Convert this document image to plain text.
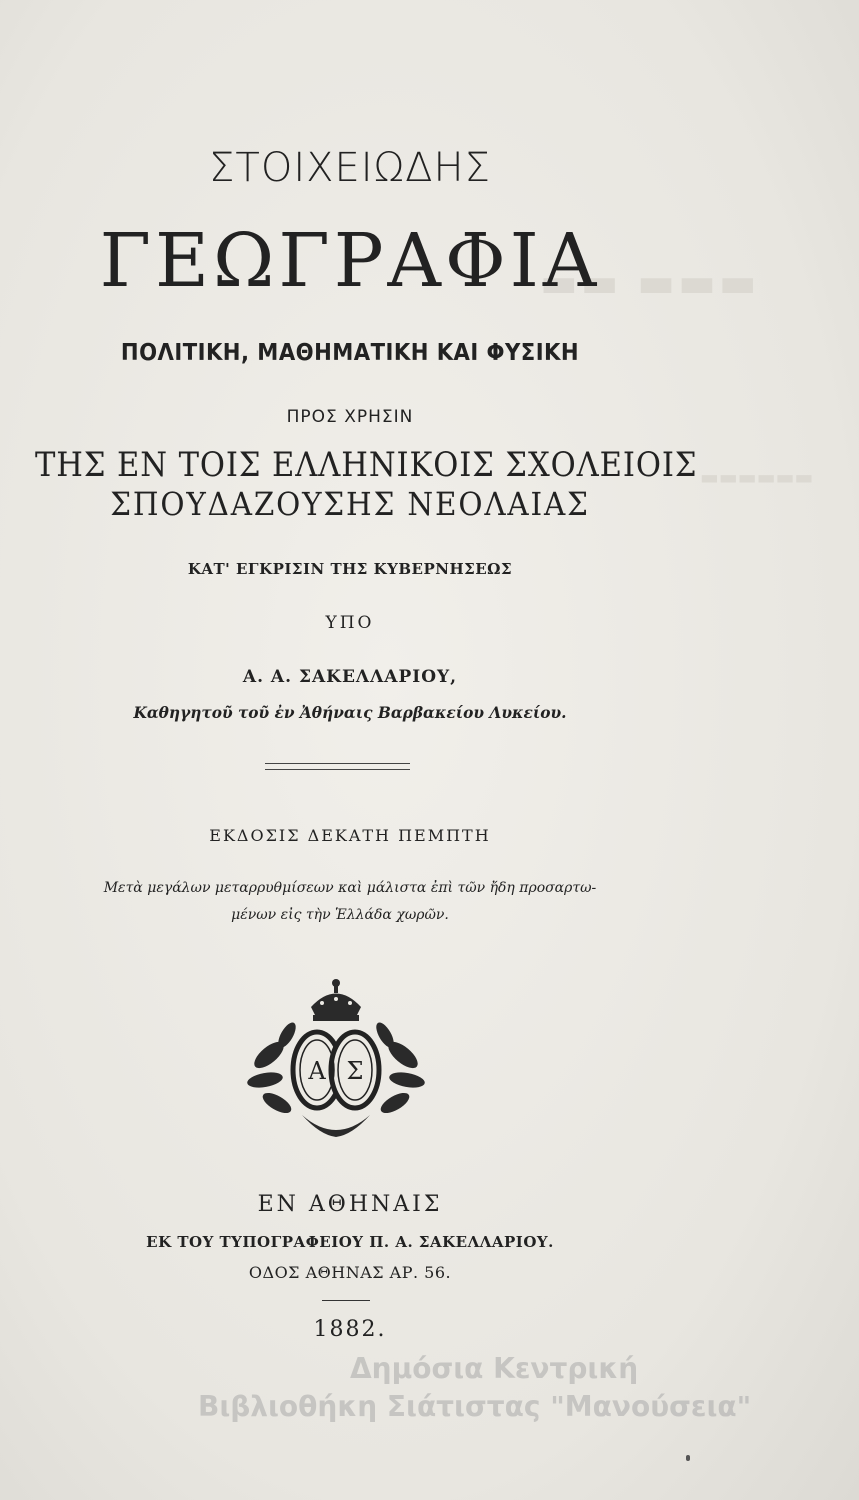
▬▬ ▬▬▬
▬▬▬▬▬▬
ΣΤΟΙΧΕΙΩΔΗΣ
ΓΕΩΓΡΑΦΙΑ
ΠΟΛΙΤΙΚΗ, ΜΑΘΗΜΑΤΙΚΗ ΚΑΙ ΦΥΣΙΚΗ
ΠΡΟΣ ΧΡΗΣΙΝ
ΤΗΣ ΕΝ ΤΟΙΣ ΕΛΛΗΝΙΚΟΙΣ ΣΧΟΛΕΙΟΙΣ
ΣΠΟΥΔΑΖΟΥΣΗΣ ΝΕΟΛΑΙΑΣ
ΚΑΤ' ΕΓΚΡΙΣΙΝ ΤΗΣ ΚΥΒΕΡΝΗΣΕΩΣ
ΥΠΟ
Α. Α. ΣΑΚΕΛΛΑΡΙΟΥ,
Καθηγητοῦ τοῦ ἐν Ἀθήναις Βαρβακείου Λυκείου.
ΕΚΔΟΣΙΣ ΔΕΚΑΤΗ ΠΕΜΠΤΗ
Μετὰ μεγάλων μεταρρυθμίσεων καὶ μάλιστα ἐπὶ τῶν ἤδη προσαρτω-
μένων εἰς τὴν Ἑλλάδα χωρῶν.
Α Σ
ΕΝ ΑΘΗΝΑΙΣ
ΕΚ ΤΟΥ ΤΥΠΟΓΡΑΦΕΙΟΥ Π. Α. ΣΑΚΕΛΛΑΡΙΟΥ.
ΟΔΟΣ ΑΘΗΝΑΣ ΑΡ. 56.
1882.
Δημόσια Κεντρική
Βιβλιοθήκη Σιάτιστας "Μανούσεια"
